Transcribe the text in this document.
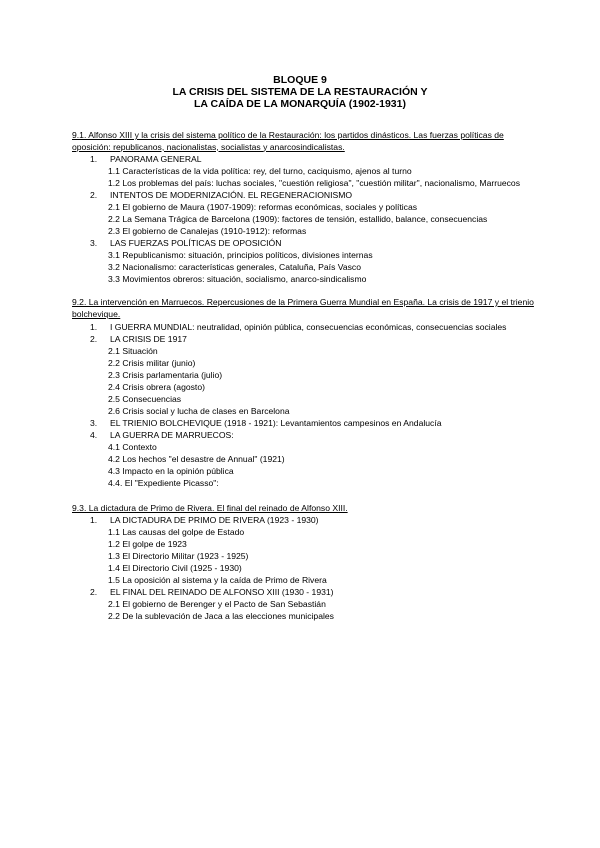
BLOQUE 9
LA CRISIS DEL SISTEMA DE LA RESTAURACIÓN Y
LA CAÍDA DE LA MONARQUÍA (1902-1931)
9.1. Alfonso XIII y la crisis del sistema político de la Restauración: los partidos dinásticos. Las fuerzas políticas de oposición: republicanos, nacionalistas, socialistas y anarcosindicalistas.
1. PANORAMA GENERAL
1.1 Características de la vida política: rey, del turno, caciquismo, ajenos al turno
1.2 Los problemas del país: luchas sociales, "cuestión religiosa", "cuestión militar", nacionalismo, Marruecos
2. INTENTOS DE MODERNIZACIÓN. EL REGENERACIONISMO
2.1 El gobierno de Maura (1907-1909): reformas económicas, sociales y políticas
2.2 La Semana Trágica de Barcelona (1909): factores de tensión, estallido, balance, consecuencias
2.3 El gobierno de Canalejas (1910-1912): reformas
3. LAS FUERZAS POLÍTICAS DE OPOSICIÓN
3.1 Republicanismo: situación, principios políticos, divisiones internas
3.2 Nacionalismo: características generales, Cataluña, País Vasco
3.3 Movimientos obreros: situación, socialismo, anarco-sindicalismo
9.2. La intervención en Marruecos. Repercusiones de la Primera Guerra Mundial en España. La crisis de 1917 y el trienio bolchevique.
1. I GUERRA MUNDIAL: neutralidad, opinión pública, consecuencias económicas, consecuencias sociales
2. LA CRISIS DE 1917
2.1 Situación
2.2 Crisis militar (junio)
2.3 Crisis parlamentaria (julio)
2.4 Crisis obrera (agosto)
2.5 Consecuencias
2.6 Crisis social y lucha de clases en Barcelona
3. EL TRIENIO BOLCHEVIQUE (1918 - 1921): Levantamientos campesinos en Andalucía
4. LA GUERRA DE MARRUECOS:
4.1 Contexto
4.2 Los hechos "el desastre de Annual" (1921)
4.3 Impacto en la opinión pública
4.4. El "Expediente Picasso":
9.3. La dictadura de Primo de Rivera. El final del reinado de Alfonso XIII.
1. LA DICTADURA DE PRIMO DE RIVERA (1923 - 1930)
1.1 Las causas del golpe de Estado
1.2 El golpe de 1923
1.3 El Directorio Militar (1923 - 1925)
1.4 El Directorio Civil (1925 - 1930)
1.5 La oposición al sistema y la caída de Primo de Rivera
2. EL FINAL DEL REINADO DE ALFONSO XIII (1930 - 1931)
2.1 El gobierno de Berenger y el Pacto de San Sebastián
2.2 De la sublevación de Jaca a las elecciones municipales
